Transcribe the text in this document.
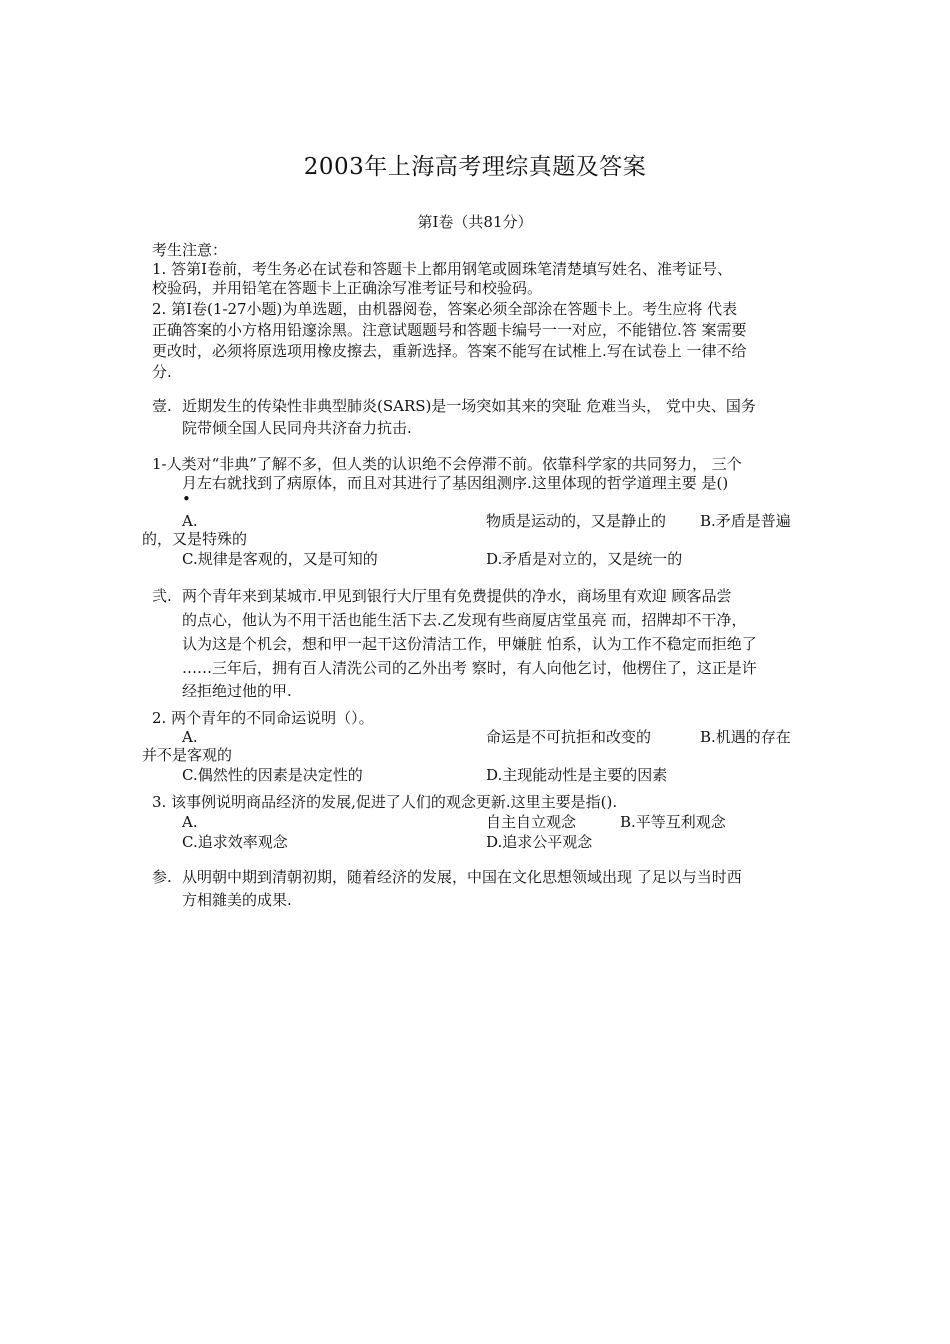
2003年上海高考理综真题及答案
第Ⅰ卷（共81分）
考生注意：
1. 答第Ⅰ卷前，考生务必在试卷和答题卡上都用钢笔或圆珠笔清楚填写姓名、准考证号、
校验码，并用铅笔在答题卡上正确涂写准考证号和校验码。
2. 第Ⅰ卷(1-27小题)为单选题，由机器阅卷，答案必须全部涂在答题卡上。考生应将 代表
正确答案的小方格用铅邃涂黑。注意试题题号和答题卡编号一一对应，不能错位.答 案需要
更改时，必须将原选项用橡皮擦去，重新选择。答案不能写在试椎上.写在试卷上 一律不给
分.
壹. 近期发生的传染性非典型肺炎(SARS)是一场突如其来的突耻 危难当头， 党中央、国务
院带倾全国人民同舟共济奋力抗击.
1-人类对“非典”了解不多，但人类的认识绝不会停滞不前。依靠科学家的共同努力， 三个
月左右就找到了病原体，而且对其进行了基因组测序.这里体现的哲学道理主要 是()
•
A.	物质是运动的，又是静止的 B.矛盾是普遍
的，又是特殊的
C.规律是客观的，又是可知的	D.矛盾是对立的，又是统一的
弐. 两个青年来到某城市.甲见到银行大厅里有免费提供的净水，商场里有欢迎 顾客品尝
的点心，他认为不用干活也能生活下去.乙发现有些商厦店堂虽亮 而，招牌却不干净，
认为这是个机会，想和甲一起干这份清洁工作，甲嫌脏 怕系，认为工作不稳定而拒绝了
……三年后，拥有百人清洗公司的乙外出考 察时，有人向他乞讨，他楞住了，这正是许
经拒绝过他的甲.
2. 两个青年的不同命运说明（）。
A.	命运是不可抗拒和改变的	B.机遇的存在
并不是客观的
C.偶然性的因素是决定性的	D.主现能动性是主要的因素
3. 该事例说明商品经济的发展,促进了人们的观念更新.这里主要是指().
A.	自主自立观念	B.平等互利观念
C.追求效率观念	D.追求公平观念
参. 从明朝中期到清朝初期，随着经济的发展，中国在文化思想领域出现 了足以与当时西
方相雜美的成果.
